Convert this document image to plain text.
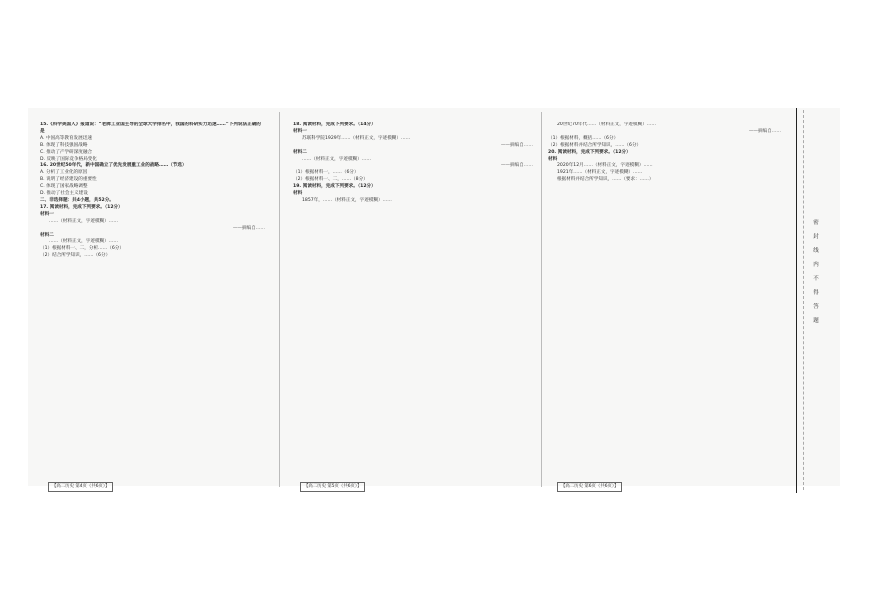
15.《科学美国人》报道说：“老牌工业国主导的全球大学排名中，我国的科研实力迅速……”下列说法正确的是

A. 中国高等教育发展迅速

B. 体现了科技强国战略

C. 推动了产学研深度融合

D. 反映了国际竞争格局变化

16. 20世纪50年代，新中国确立了优先发展重工业的战略……（节选）

A. 分析了工业化的原因

B. 说明了经济建设的重要性

C. 体现了国家战略调整

D. 推动了社会主义建设

二、非选择题：共4小题，共52分。

17. 阅读材料，完成下列要求。（12分）

材料一

……（材料正文，字迹模糊）……

——摘编自……

材料二

……（材料正文，字迹模糊）……

（1）根据材料一、二，分析……（6分）

（2）结合所学知识，……（6分）

18. 阅读材料，完成下列要求。（14分）

材料一

苏联科学院1929年……（材料正文，字迹模糊）……

——摘编自……

材料二

……（材料正文，字迹模糊）……

——摘编自……

（1）根据材料一，……（6分）

（2）根据材料一、二，……（8分）

19. 阅读材料，完成下列要求。（12分）

材料

1857年，……（材料正文，字迹模糊）……

20世纪70年代……（材料正文，字迹模糊）……

——摘编自……

（1）根据材料，概括……（6分）

（2）根据材料并结合所学知识，……（6分）

20. 阅读材料，完成下列要求。（12分）

材料

2020年12月……（材料正文，字迹模糊）……

1921年……（材料正文，字迹模糊）……

根据材料并结合所学知识，……（要求：……）

【高二历史 第4页（共6页）】	【高二历史 第5页（共6页）】	【高二历史 第6页（共6页）】
密 封 线 内 不 得 答 题
